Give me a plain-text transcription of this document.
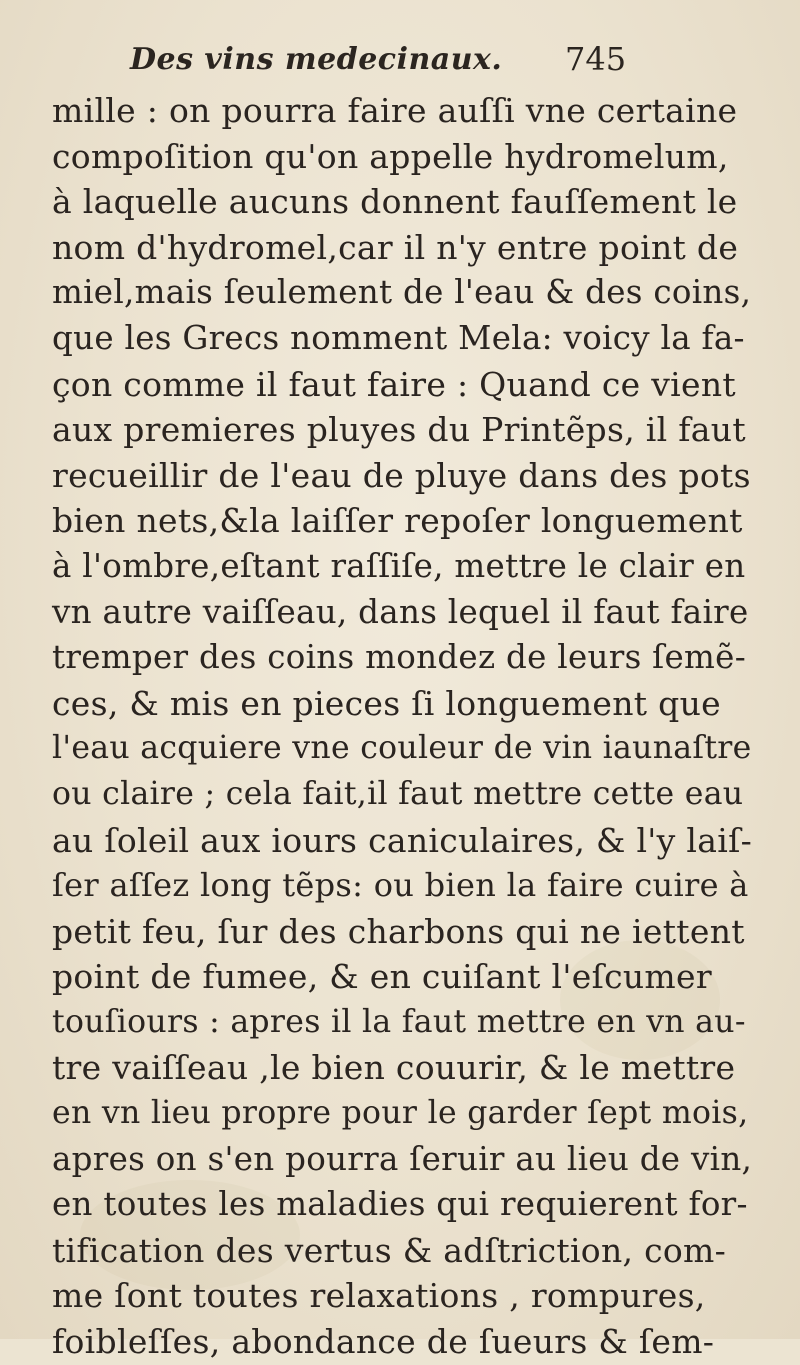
Des vins medecinaux. 745
mille : on pourra faire auſſi vne certaine
compoſition qu'on appelle hydromelum,
à laquelle aucuns donnent fauſſement le
nom d'hydromel,car il n'y entre point de
miel,mais ſeulement de l'eau & des coins,
que les Grecs nomment Mela: voicy la fa-
çon comme il faut faire : Quand ce vient
aux premieres pluyes du Printẽps, il faut
recueillir de l'eau de pluye dans des pots
bien nets,&la laiſſer repoſer longuement
à l'ombre,eſtant raſſiſe, mettre le clair en
vn autre vaiſſeau, dans lequel il faut faire
tremper des coins mondez de leurs ſemẽ-
ces, & mis en pieces ſi longuement que
l'eau acquiere vne couleur de vin iaunaſtre
ou claire ; cela fait,il faut mettre cette eau
au ſoleil aux iours caniculaires, & l'y laiſ-
ſer aſſez long tẽps: ou bien la faire cuire à
petit feu, ſur des charbons qui ne iettent
point de fumee, & en cuiſant l'eſcumer
touſiours : apres il la faut mettre en vn au-
tre vaiſſeau ,le bien couurir, & le mettre
en vn lieu propre pour le garder ſept mois,
apres on s'en pourra ſeruir au lieu de vin,
en toutes les maladies qui requierent for-
tification des vertus & adſtriction, com-
me ſont toutes relaxations , rompures,
foibleſſes, abondance de ſueurs & ſem-
